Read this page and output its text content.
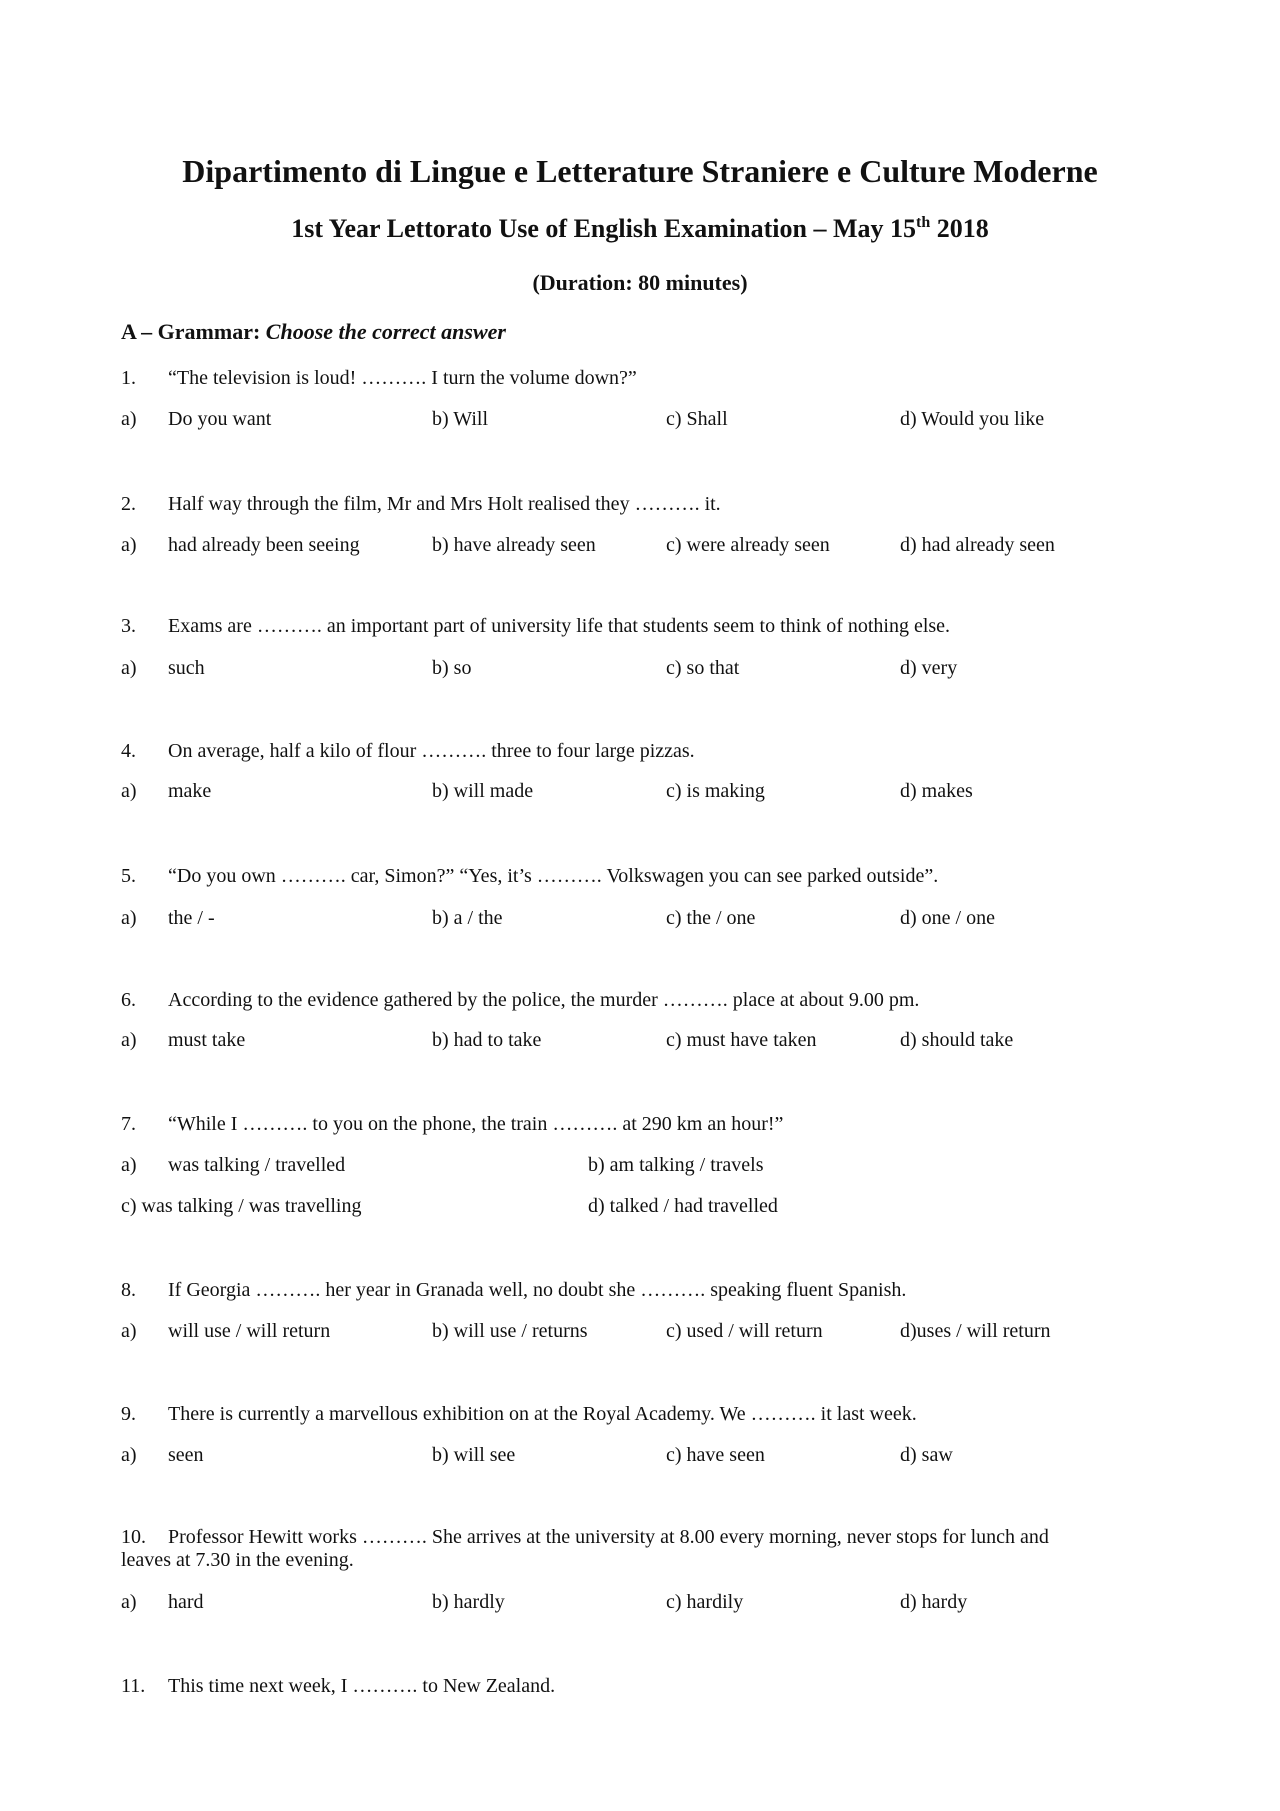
Dipartimento di Lingue e Letterature Straniere e Culture Moderne
1st Year Lettorato Use of English Examination – May 15th 2018
(Duration: 80 minutes)
A – Grammar: Choose the correct answer
1. “The television is loud! ………. I turn the volume down?”
a) Do you want	b) Will	c) Shall	d) Would you like
2. Half way through the film, Mr and Mrs Holt realised they ………. it.
a) had already been seeing	b) have already seen	c) were already seen	d) had already seen
3. Exams are ………. an important part of university life that students seem to think of nothing else.
a) such	b) so	c) so that	d) very
4. On average, half a kilo of flour ………. three to four large pizzas.
a) make	b) will made	c) is making	d) makes
5. “Do you own ………. car, Simon?” “Yes, it’s ………. Volkswagen you can see parked outside”.
a) the / -	b) a / the	c) the / one	d) one / one
6. According to the evidence gathered by the police, the murder ………. place at about 9.00 pm.
a) must take	b) had to take	c) must have taken	d) should take
7. “While I ………. to you on the phone, the train ………. at 290 km an hour!”
a) was talking / travelled	b) am talking / travels
c) was talking / was travelling	d) talked / had travelled
8. If Georgia ………. her year in Granada well, no doubt she ………. speaking fluent Spanish.
a) will use / will return	b) will use / returns	c) used / will return	d)uses / will return
9. There is currently a marvellous exhibition on at the Royal Academy. We ………. it last week.
a) seen	b) will see	c) have seen	d) saw
10. Professor Hewitt works ………. She arrives at the university at 8.00 every morning, never stops for lunch and
leaves at 7.30 in the evening.
a) hard	b) hardly	c) hardily	d) hardy
11. This time next week, I ………. to New Zealand.
